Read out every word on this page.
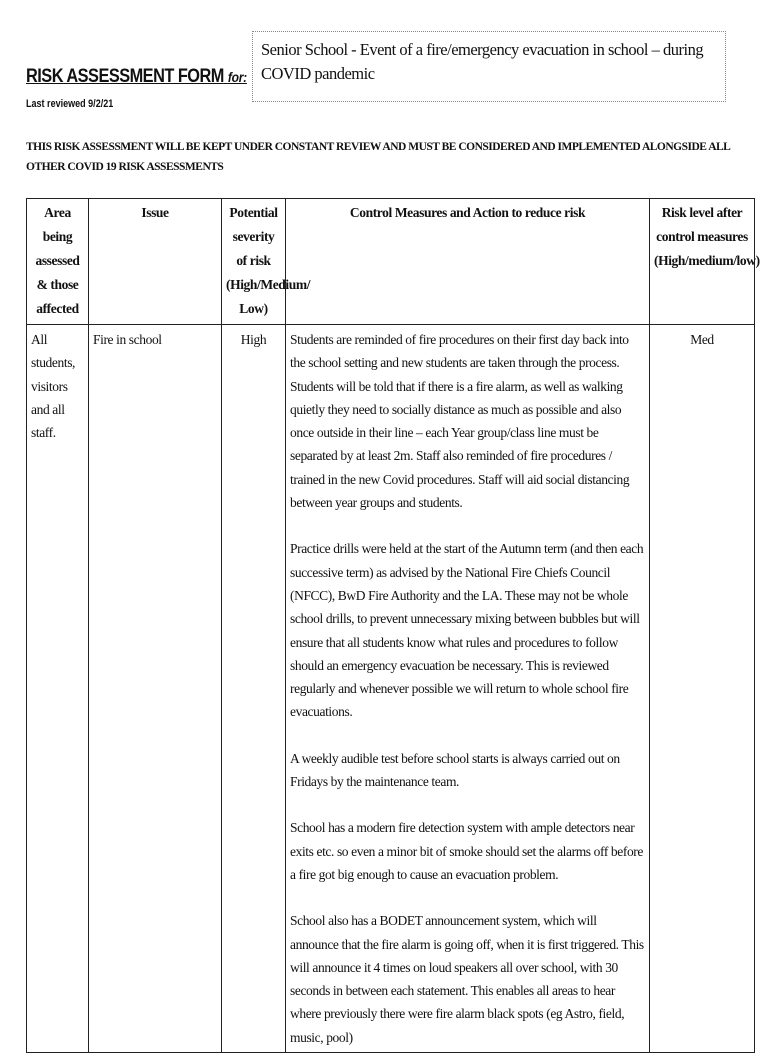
RISK ASSESSMENT FORM for:
Last reviewed 9/2/21
Senior School - Event of a fire/emergency evacuation in school – during COVID pandemic
THIS RISK ASSESSMENT WILL BE KEPT UNDER CONSTANT REVIEW AND MUST BE CONSIDERED AND IMPLEMENTED ALONGSIDE ALL OTHER COVID 19 RISK ASSESSMENTS
Area being assessed & those affected	Issue	Potential severity of risk (High/Medium/ Low)	Control Measures and Action to reduce risk	Risk level after control measures (High/medium/low)
All students, visitors and all staff.	Fire in school	High	Students are reminded of fire procedures on their first day back into the school setting and new students are taken through the process. Students will be told that if there is a fire alarm, as well as walking quietly they need to socially distance as much as possible and also once outside in their line – each Year group/class line must be separated by at least 2m. Staff also reminded of fire procedures / trained in the new Covid procedures. Staff will aid social distancing between year groups and students.

Practice drills were held at the start of the Autumn term (and then each successive term) as advised by the National Fire Chiefs Council (NFCC), BwD Fire Authority and the LA. These may not be whole school drills, to prevent unnecessary mixing between bubbles but will ensure that all students know what rules and procedures to follow should an emergency evacuation be necessary. This is reviewed regularly and whenever possible we will return to whole school fire evacuations.

A weekly audible test before school starts is always carried out on Fridays by the maintenance team.

School has a modern fire detection system with ample detectors near exits etc. so even a minor bit of smoke should set the alarms off before a fire got big enough to cause an evacuation problem.

School also has a BODET announcement system, which will announce that the fire alarm is going off, when it is first triggered. This will announce it 4 times on loud speakers all over school, with 30 seconds in between each statement. This enables all areas to hear where previously there were fire alarm black spots (eg Astro, field, music, pool)	Med
